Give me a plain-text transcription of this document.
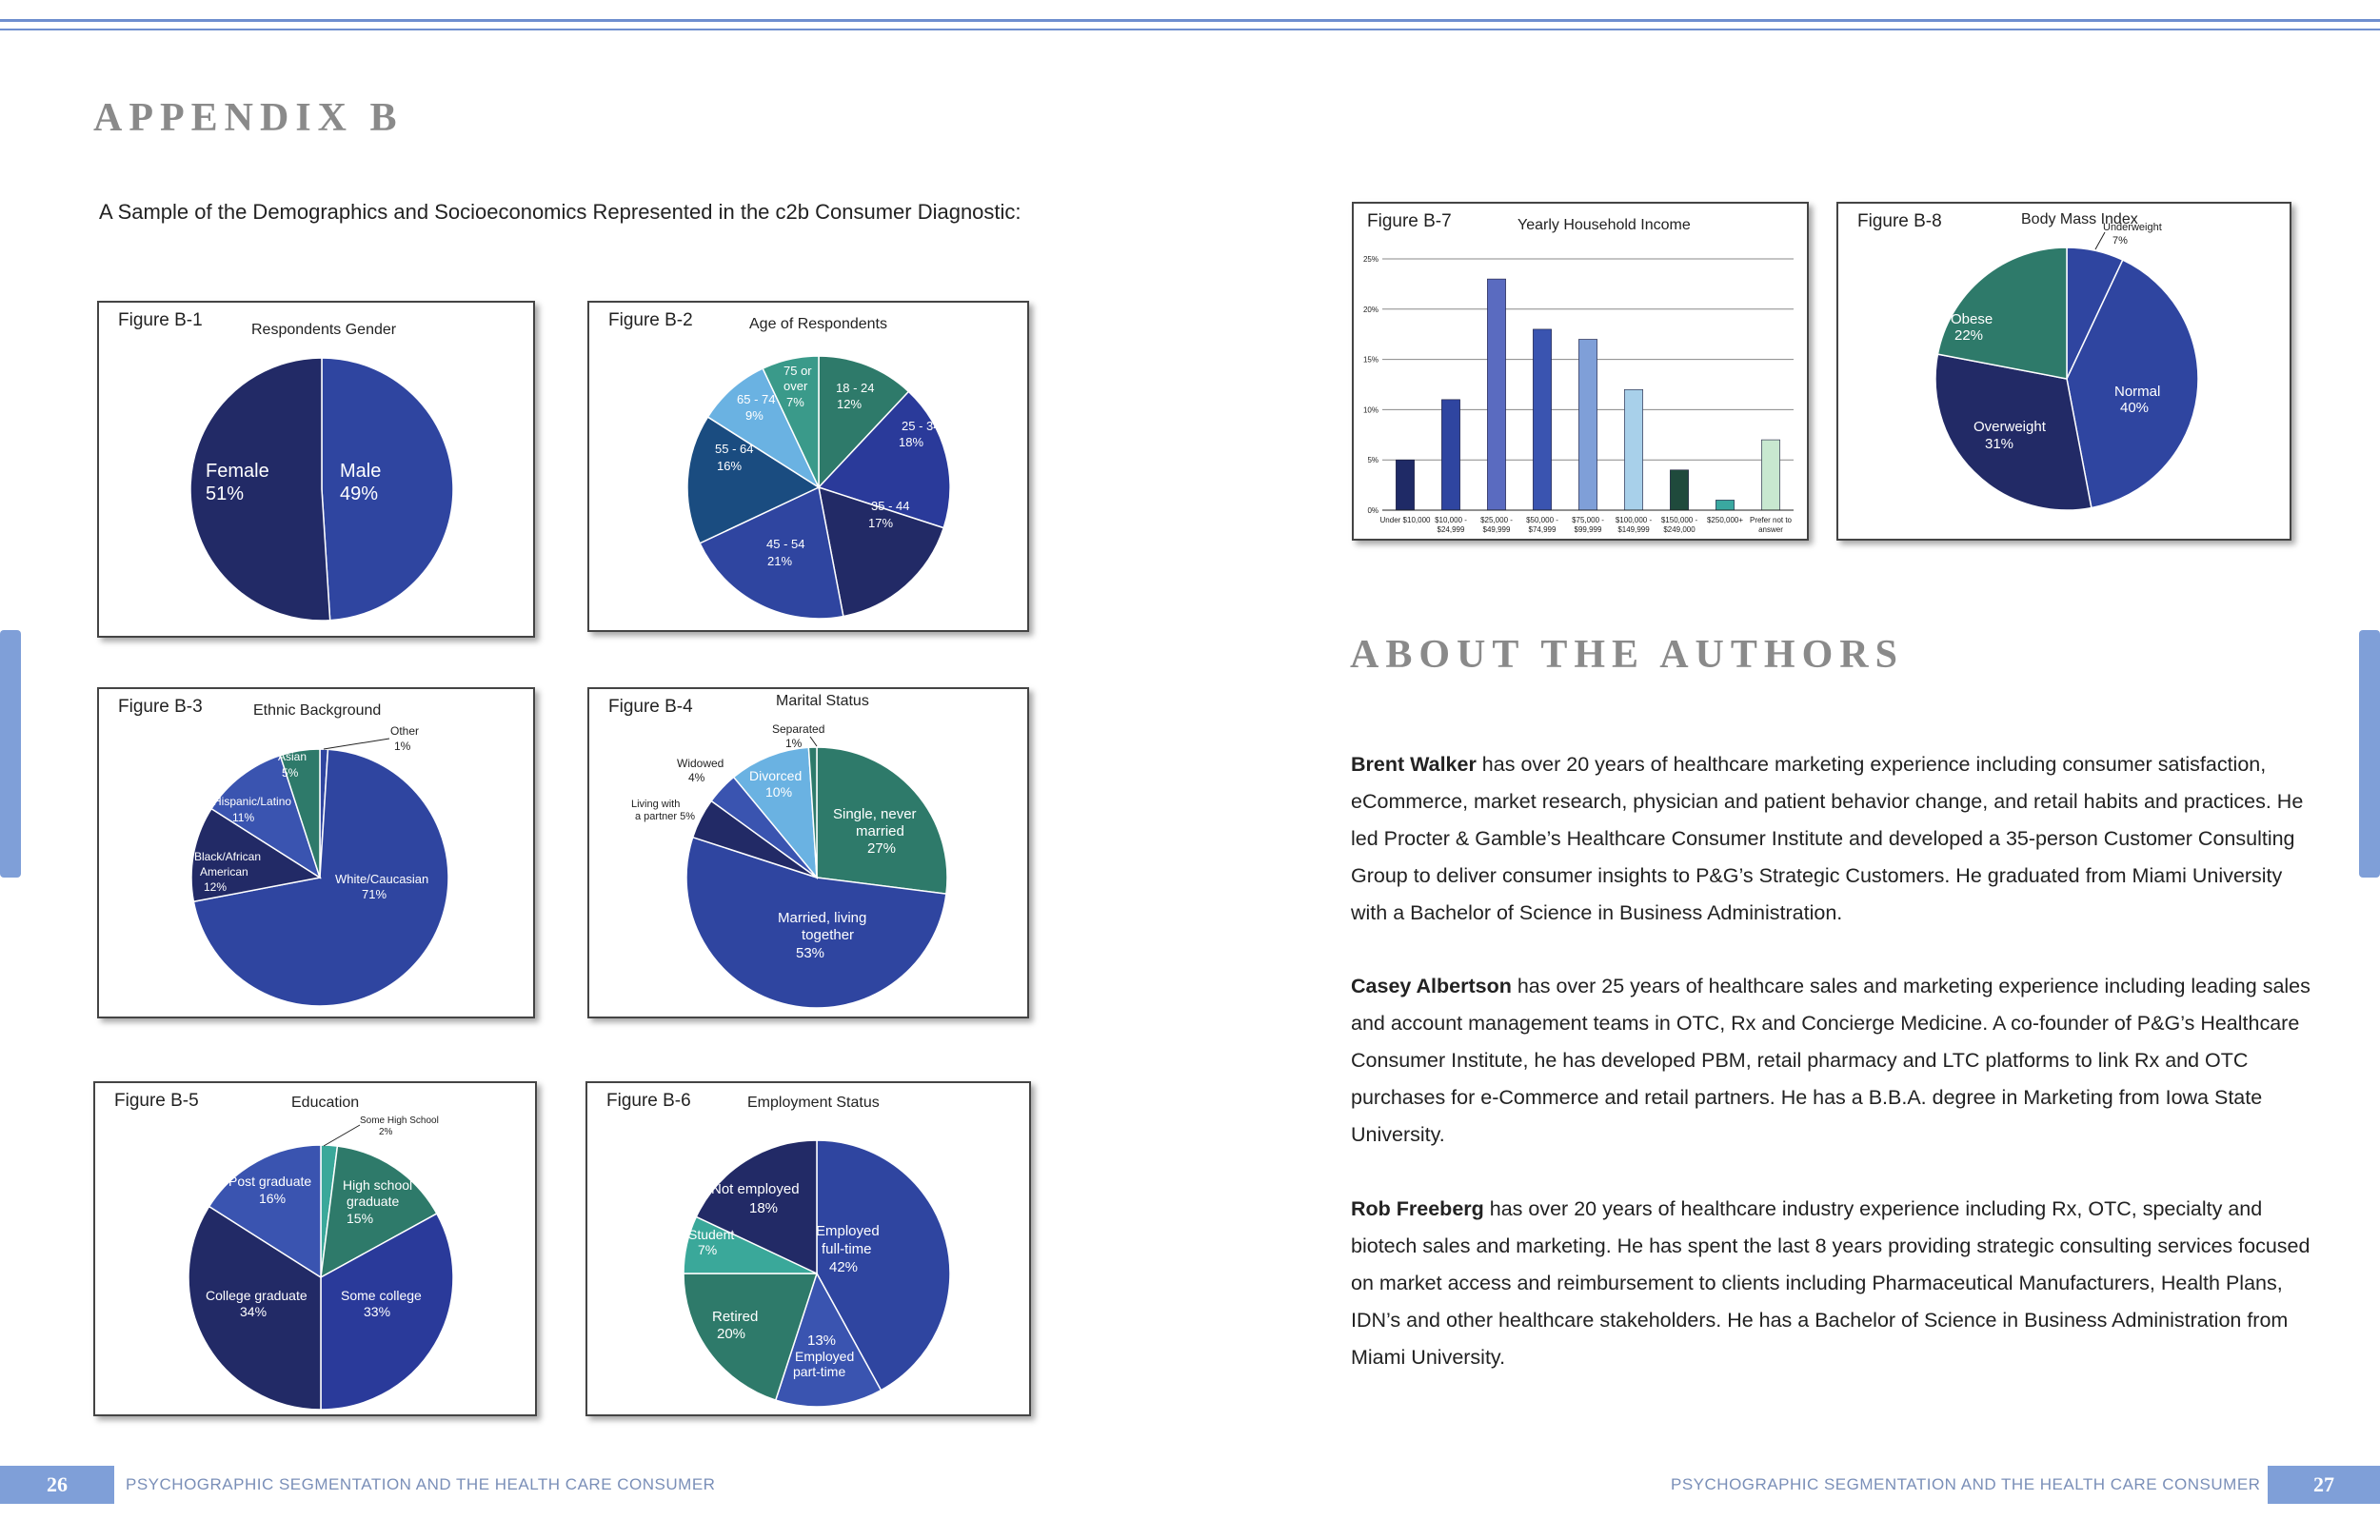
APPENDIX B
A Sample of the Demographics and Socioeconomics Represented in the c2b Consumer Diagnostic:
Male
49%
Female
51%
Figure B-1	Respondents Gender
18 - 24
12%
25 - 34
18%
35 - 44
17%
45 - 54
21%
55 - 64
16%
65 - 74
9%
75 or
over
7%
Figure B-2	Age of Respondents
Other
1%
Asian
5%
Hispanic/Latino
11%
Black/African
American
12%
White/Caucasian
71%
Figure B-3	Ethnic Background
Separated
1%
Widowed
4%	Divorced
10%
Living with
a partner 5%	Single, never
married
27%
Married, living
together
53%
Figure B-4	Marital Status
Some High School
2%
Post graduate
16%
High school
graduate
15%
College graduate
34%
Some college
33%
Figure B-5	Education
Not employed
18%
Student
7%
Employed
full-time
42%
Retired
20%	13%
Employed
part-time
Figure B-6	Employment Status
0%
5%
10%
15%
20%
25%
Under $10,000 $10,000 -
$24,999
$25,000 -
$49,999
$50,000 -
$74,999
$75,000 -
$99,999
$100,000 -
$149,999
$150,000 -
$249,000
$250,000+ Prefer not to
answer
Figure B-7	Yearly Household Income	Underweight
7%
Obese
22%
Normal
40%
Overweight
31%
Figure B-8	Body Mass Index
ABOUT THE AUTHORS
Brent Walker has over 20 years of healthcare marketing experience including consumer satisfaction, eCommerce, market research, physician and patient behavior change, and retail habits and practices. He led Procter & Gamble’s Healthcare Consumer Institute and developed a 35-person Customer Consulting Group to deliver consumer insights to P&G’s Strategic Customers. He graduated from Miami University with a Bachelor of Science in Business Administration.
Casey Albertson has over 25 years of healthcare sales and marketing experience including leading sales and account management teams in OTC, Rx and Concierge Medicine. A co-founder of P&G’s Healthcare Consumer Institute, he has developed PBM, retail pharmacy and LTC platforms to link Rx and OTC purchases for e-Commerce and retail partners. He has a B.B.A. degree in Marketing from Iowa State University.
Rob Freeberg has over 20 years of healthcare industry experience including Rx, OTC, specialty and biotech sales and marketing. He has spent the last 8 years providing strategic consulting services focused on market access and reimbursement to clients including Pharmaceutical Manufacturers, Health Plans, IDN’s and other healthcare stakeholders. He has a Bachelor of Science in Business Administration from Miami University.
26	PSYCHOGRAPHIC SEGMENTATION AND THE HEALTH CARE CONSUMER	PSYCHOGRAPHIC SEGMENTATION AND THE HEALTH CARE CONSUMER	27
